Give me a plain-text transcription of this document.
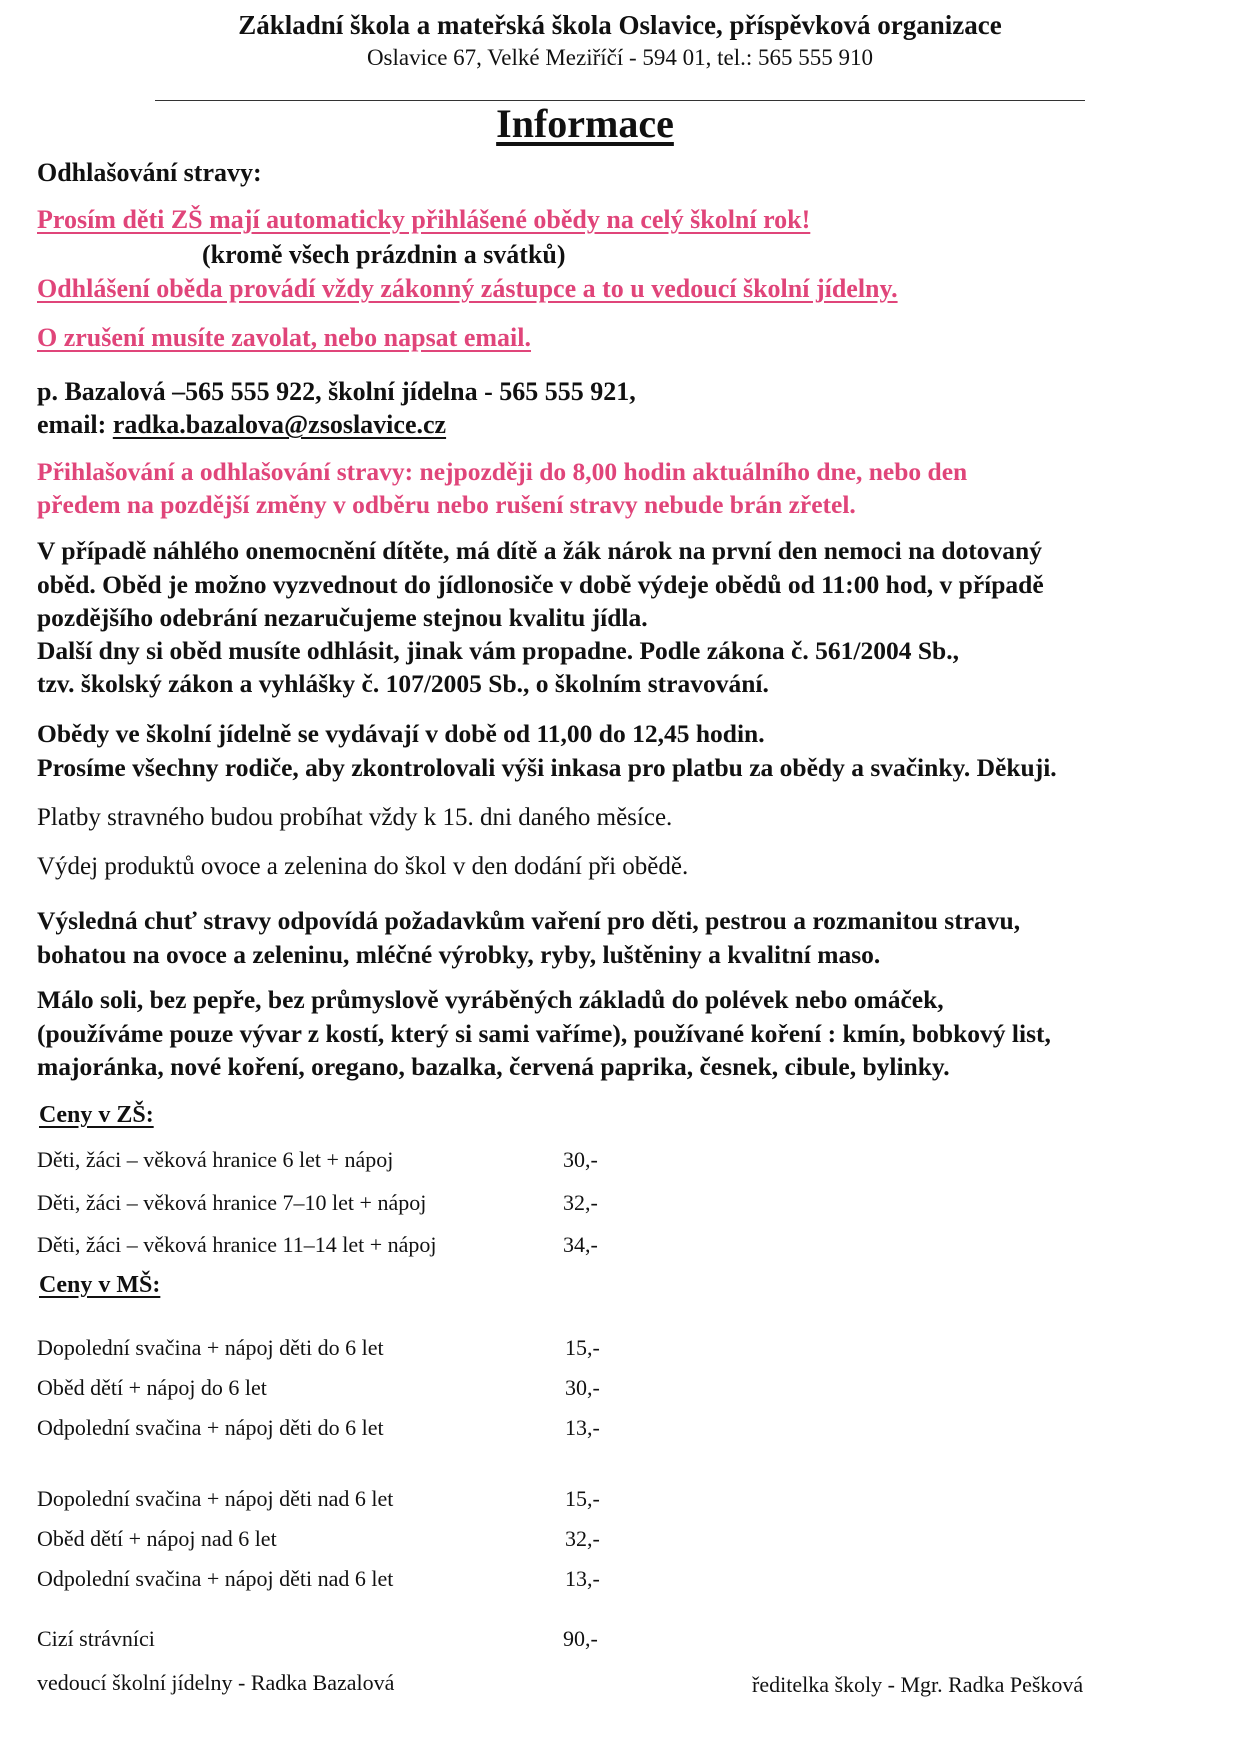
Základní škola a mateřská škola Oslavice, příspěvková organizace
Oslavice 67, Velké Meziříčí - 594 01, tel.: 565 555 910
Informace
Odhlašování stravy:
Prosím děti ZŠ mají automaticky přihlášené obědy na celý školní rok!
(kromě všech prázdnin a svátků)
Odhlášení oběda provádí vždy zákonný zástupce a to u vedoucí školní jídelny.
O zrušení musíte zavolat, nebo napsat email.
p. Bazalová –565 555 922, školní jídelna - 565 555 921,
email: radka.bazalova@zsoslavice.cz
Přihlašování a odhlašování stravy: nejpozději do 8,00 hodin aktuálního dne, nebo den
předem na pozdější změny v odběru nebo rušení stravy nebude brán zřetel.
V případě náhlého onemocnění dítěte, má dítě a žák nárok na první den nemoci na dotovaný
oběd. Oběd je možno vyzvednout do jídlonosiče v době výdeje obědů od 11:00 hod, v případě
pozdějšího odebrání nezaručujeme stejnou kvalitu jídla.
Další dny si oběd musíte odhlásit, jinak vám propadne. Podle zákona č. 561/2004 Sb.,
tzv. školský zákon a vyhlášky č. 107/2005 Sb., o školním stravování.
Obědy ve školní jídelně se vydávají v době od 11,00 do 12,45 hodin.
Prosíme všechny rodiče, aby zkontrolovali výši inkasa pro platbu za obědy a svačinky. Děkuji.
Platby stravného budou probíhat vždy k 15. dni daného měsíce.
Výdej produktů ovoce a zelenina do škol v den dodání při obědě.
Výsledná chuť stravy odpovídá požadavkům vaření pro děti, pestrou a rozmanitou stravu,
bohatou na ovoce a zeleninu, mléčné výrobky, ryby, luštěniny a kvalitní maso.
Málo soli, bez pepře, bez průmyslově vyráběných základů do polévek nebo omáček,
(používáme pouze vývar z kostí, který si sami vaříme), používané koření : kmín, bobkový list,
majoránka, nové koření, oregano, bazalka, červená paprika, česnek, cibule, bylinky.
Ceny v ZŠ:
Děti, žáci – věková hranice 6 let + nápoj	30,-
Děti, žáci – věková hranice 7–10 let + nápoj	32,-
Děti, žáci – věková hranice 11–14 let + nápoj	34,-
Ceny v MŠ:
Dopolední svačina + nápoj děti do 6 let	15,-
Oběd dětí + nápoj do 6 let	30,-
Odpolední svačina + nápoj děti do 6 let	13,-
Dopolední svačina + nápoj děti nad 6 let	15,-
Oběd dětí + nápoj nad 6 let	32,-
Odpolední svačina + nápoj děti nad 6 let	13,-
Cizí strávníci	90,-
vedoucí školní jídelny - Radka Bazalová	ředitelka školy - Mgr. Radka Pešková
